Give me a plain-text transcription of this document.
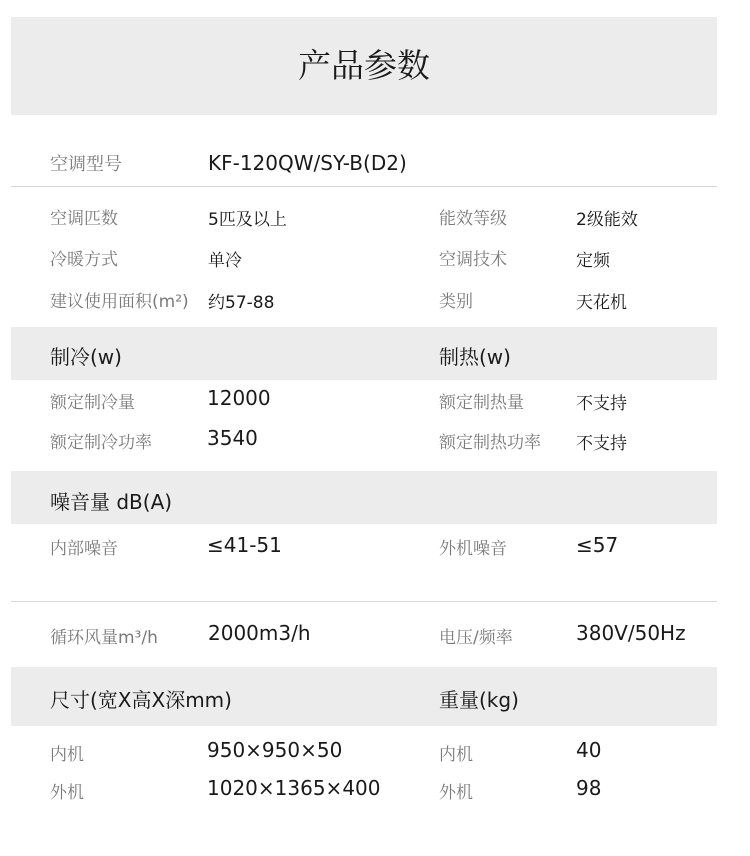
产品参数
空调型号	KF-120QW/SY-B(D2)
空调匹数	5匹及以上	能效等级	2级能效
冷暖方式	单冷	空调技术	定频
建议使用面积(m²) 约57-88	类别	天花机
制冷(w)	制热(w)
额定制冷量	12000	额定制热量	不支持
额定制冷功率	3540	额定制热功率 不支持
噪音量 dB(A)
内部噪音	≤41-51	外机噪音	≤57
循环风量m³/h	2000m3/h	电压/频率	380V/50Hz
尺寸(宽X高X深mm)	重量(kg)
内机	950×950×50	内机	40
外机	1020×1365×400	外机	98
